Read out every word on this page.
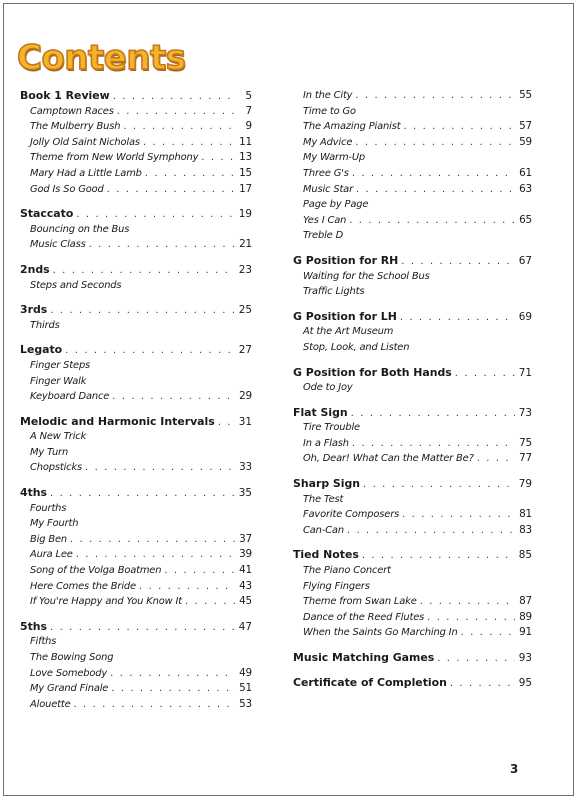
Contents
Book 1 Review . . .	5
Camptown Races . . .	7
The Mulberry Bush . . .	9
Jolly Old Saint Nicholas . . .	11
Theme from New World Symphony . . .	13
Mary Had a Little Lamb . . .	15
God Is So Good . . .	17
Staccato . . .	19
Bouncing on the Bus
Music Class . . .	21
2nds . . .	23
Steps and Seconds
3rds . . .	25
Thirds
Legato . . .	27
Finger Steps
Finger Walk
Keyboard Dance . . .	29
Melodic and Harmonic Intervals . . . 31
A New Trick
My Turn
Chopsticks . . .	33
4ths . . .	35
Fourths
My Fourth
Big Ben . . .	37
Aura Lee . . .	39
Song of the Volga Boatmen . . .	41
Here Comes the Bride . . .	43
If You're Happy and You Know It . . .	45
5ths . . .	47
Fifths
The Bowing Song
Love Somebody . . .	49
My Grand Finale . . .	51
Alouette . . .	53
In the City . . .	55
Time to Go
The Amazing Pianist . . .	57
My Advice . . .	59
My Warm-Up
Three G's . . .	61
Music Star . . .	63
Page by Page
Yes I Can . . .	65
Treble D
G Position for RH . . .	67
Waiting for the School Bus
Traffic Lights
G Position for LH . . .	69
At the Art Museum
Stop, Look, and Listen
G Position for Both Hands . . .	71
Ode to Joy
Flat Sign . . .	73
Tire Trouble
In a Flash . . .	75
Oh, Dear! What Can the Matter Be? . . .	77
Sharp Sign . . .	79
The Test
Favorite Composers . . .	81
Can-Can . . .	83
Tied Notes . . .	85
The Piano Concert
Flying Fingers
Theme from Swan Lake . . .	87
Dance of the Reed Flutes . . .	89
When the Saints Go Marching In . . .	91
Music Matching Games . . .	93
Certificate of Completion . . .	95
3
